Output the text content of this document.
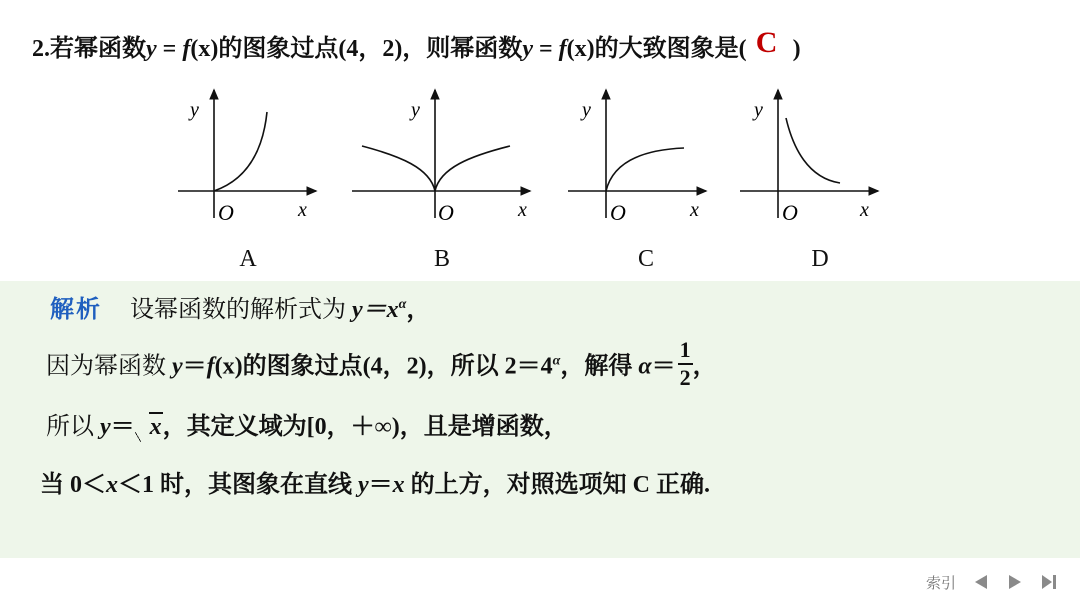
2.若幂函数 y = f (x) 的图象过点(4，2)，则幂函数 y = f (x) 的大致图象是( C )
y
O	x
A
y
O	x
B
y
O	x
C
y
O	x
D
解析 设幂函数的解析式为 $y=x^\alpha$，
因为幂函数 y＝f(x)的图象过点(4，2)，所以 $2=4^\alpha$，解得 $\alpha= \frac{1}{2}$ ，
所以 y＝ x，其定义域为[0，＋∞)，且是增函数，
当 0＜x＜1 时，其图象在直线 y＝x 的上方，对照选项知 C 正确.
索引
